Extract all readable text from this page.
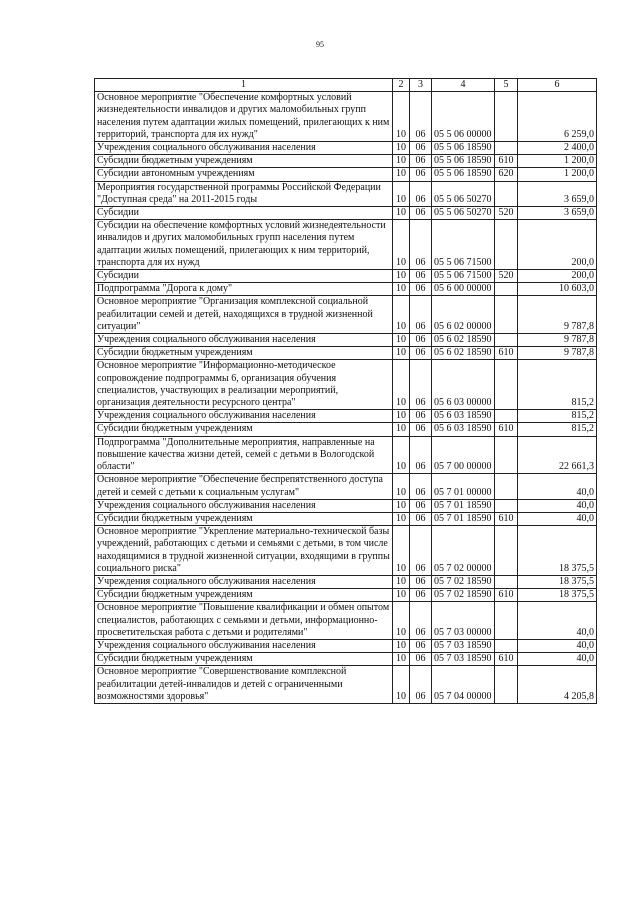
95
1	2	3	4	5	6
Основное мероприятие "Обеспечение комфортных условий жизнедеятельности инвалидов и других маломобильных групп населения путем адаптации жилых помещений, прилегающих к ним территорий, транспорта для их нужд"	10	06	05 5 06 00000		6 259,0
Учреждения социального обслуживания населения	10	06	05 5 06 18590		2 400,0
Субсидии бюджетным учреждениям	10	06	05 5 06 18590	610	1 200,0
Субсидии автономным учреждениям	10	06	05 5 06 18590	620	1 200,0
Мероприятия государственной программы Российской Федерации "Доступная среда" на 2011-2015 годы	10	06	05 5 06 50270		3 659,0
Субсидии	10	06	05 5 06 50270	520	3 659,0
Субсидии на обеспечение комфортных условий жизнедеятельности инвалидов и других маломобильных групп населения путем адаптации жилых помещений, прилегающих к ним территорий, транспорта для их нужд	10	06	05 5 06 71500		200,0
Субсидии	10	06	05 5 06 71500	520	200,0
Подпрограмма "Дорога к дому"	10	06	05 6 00 00000		10 603,0
Основное мероприятие "Организация комплексной социальной реабилитации семей и детей, находящихся в трудной жизненной ситуации"	10	06	05 6 02 00000		9 787,8
Учреждения социального обслуживания населения	10	06	05 6 02 18590		9 787,8
Субсидии бюджетным учреждениям	10	06	05 6 02 18590	610	9 787,8
Основное мероприятие "Информационно-методическое сопровождение подпрограммы 6, организация обучения специалистов, участвующих в реализации мероприятий, организация деятельности ресурсного центра"	10	06	05 6 03 00000		815,2
Учреждения социального обслуживания населения	10	06	05 6 03 18590		815,2
Субсидии бюджетным учреждениям	10	06	05 6 03 18590	610	815,2
Подпрограмма "Дополнительные мероприятия, направленные на повышение качества жизни детей, семей с детьми в Вологодской области"	10	06	05 7 00 00000		22 661,3
Основное мероприятие "Обеспечение беспрепятственного доступа детей и семей с детьми к социальным услугам"	10	06	05 7 01 00000		40,0
Учреждения социального обслуживания населения	10	06	05 7 01 18590		40,0
Субсидии бюджетным учреждениям	10	06	05 7 01 18590	610	40,0
Основное мероприятие "Укрепление материально-технической базы учреждений, работающих с детьми и семьями с детьми, в том числе находящимися в трудной жизненной ситуации, входящими в группы социального риска"	10	06	05 7 02 00000		18 375,5
Учреждения социального обслуживания населения	10	06	05 7 02 18590		18 375,5
Субсидии бюджетным учреждениям	10	06	05 7 02 18590	610	18 375,5
Основное мероприятие "Повышение квалификации и обмен опытом специалистов, работающих с семьями и детьми, информационно-просветительская работа с детьми и родителями"	10	06	05 7 03 00000		40,0
Учреждения социального обслуживания населения	10	06	05 7 03 18590		40,0
Субсидии бюджетным учреждениям	10	06	05 7 03 18590	610	40,0
Основное мероприятие "Совершенствование комплексной реабилитации детей-инвалидов и детей с ограниченными возможностями здоровья"	10	06	05 7 04 00000		4 205,8
